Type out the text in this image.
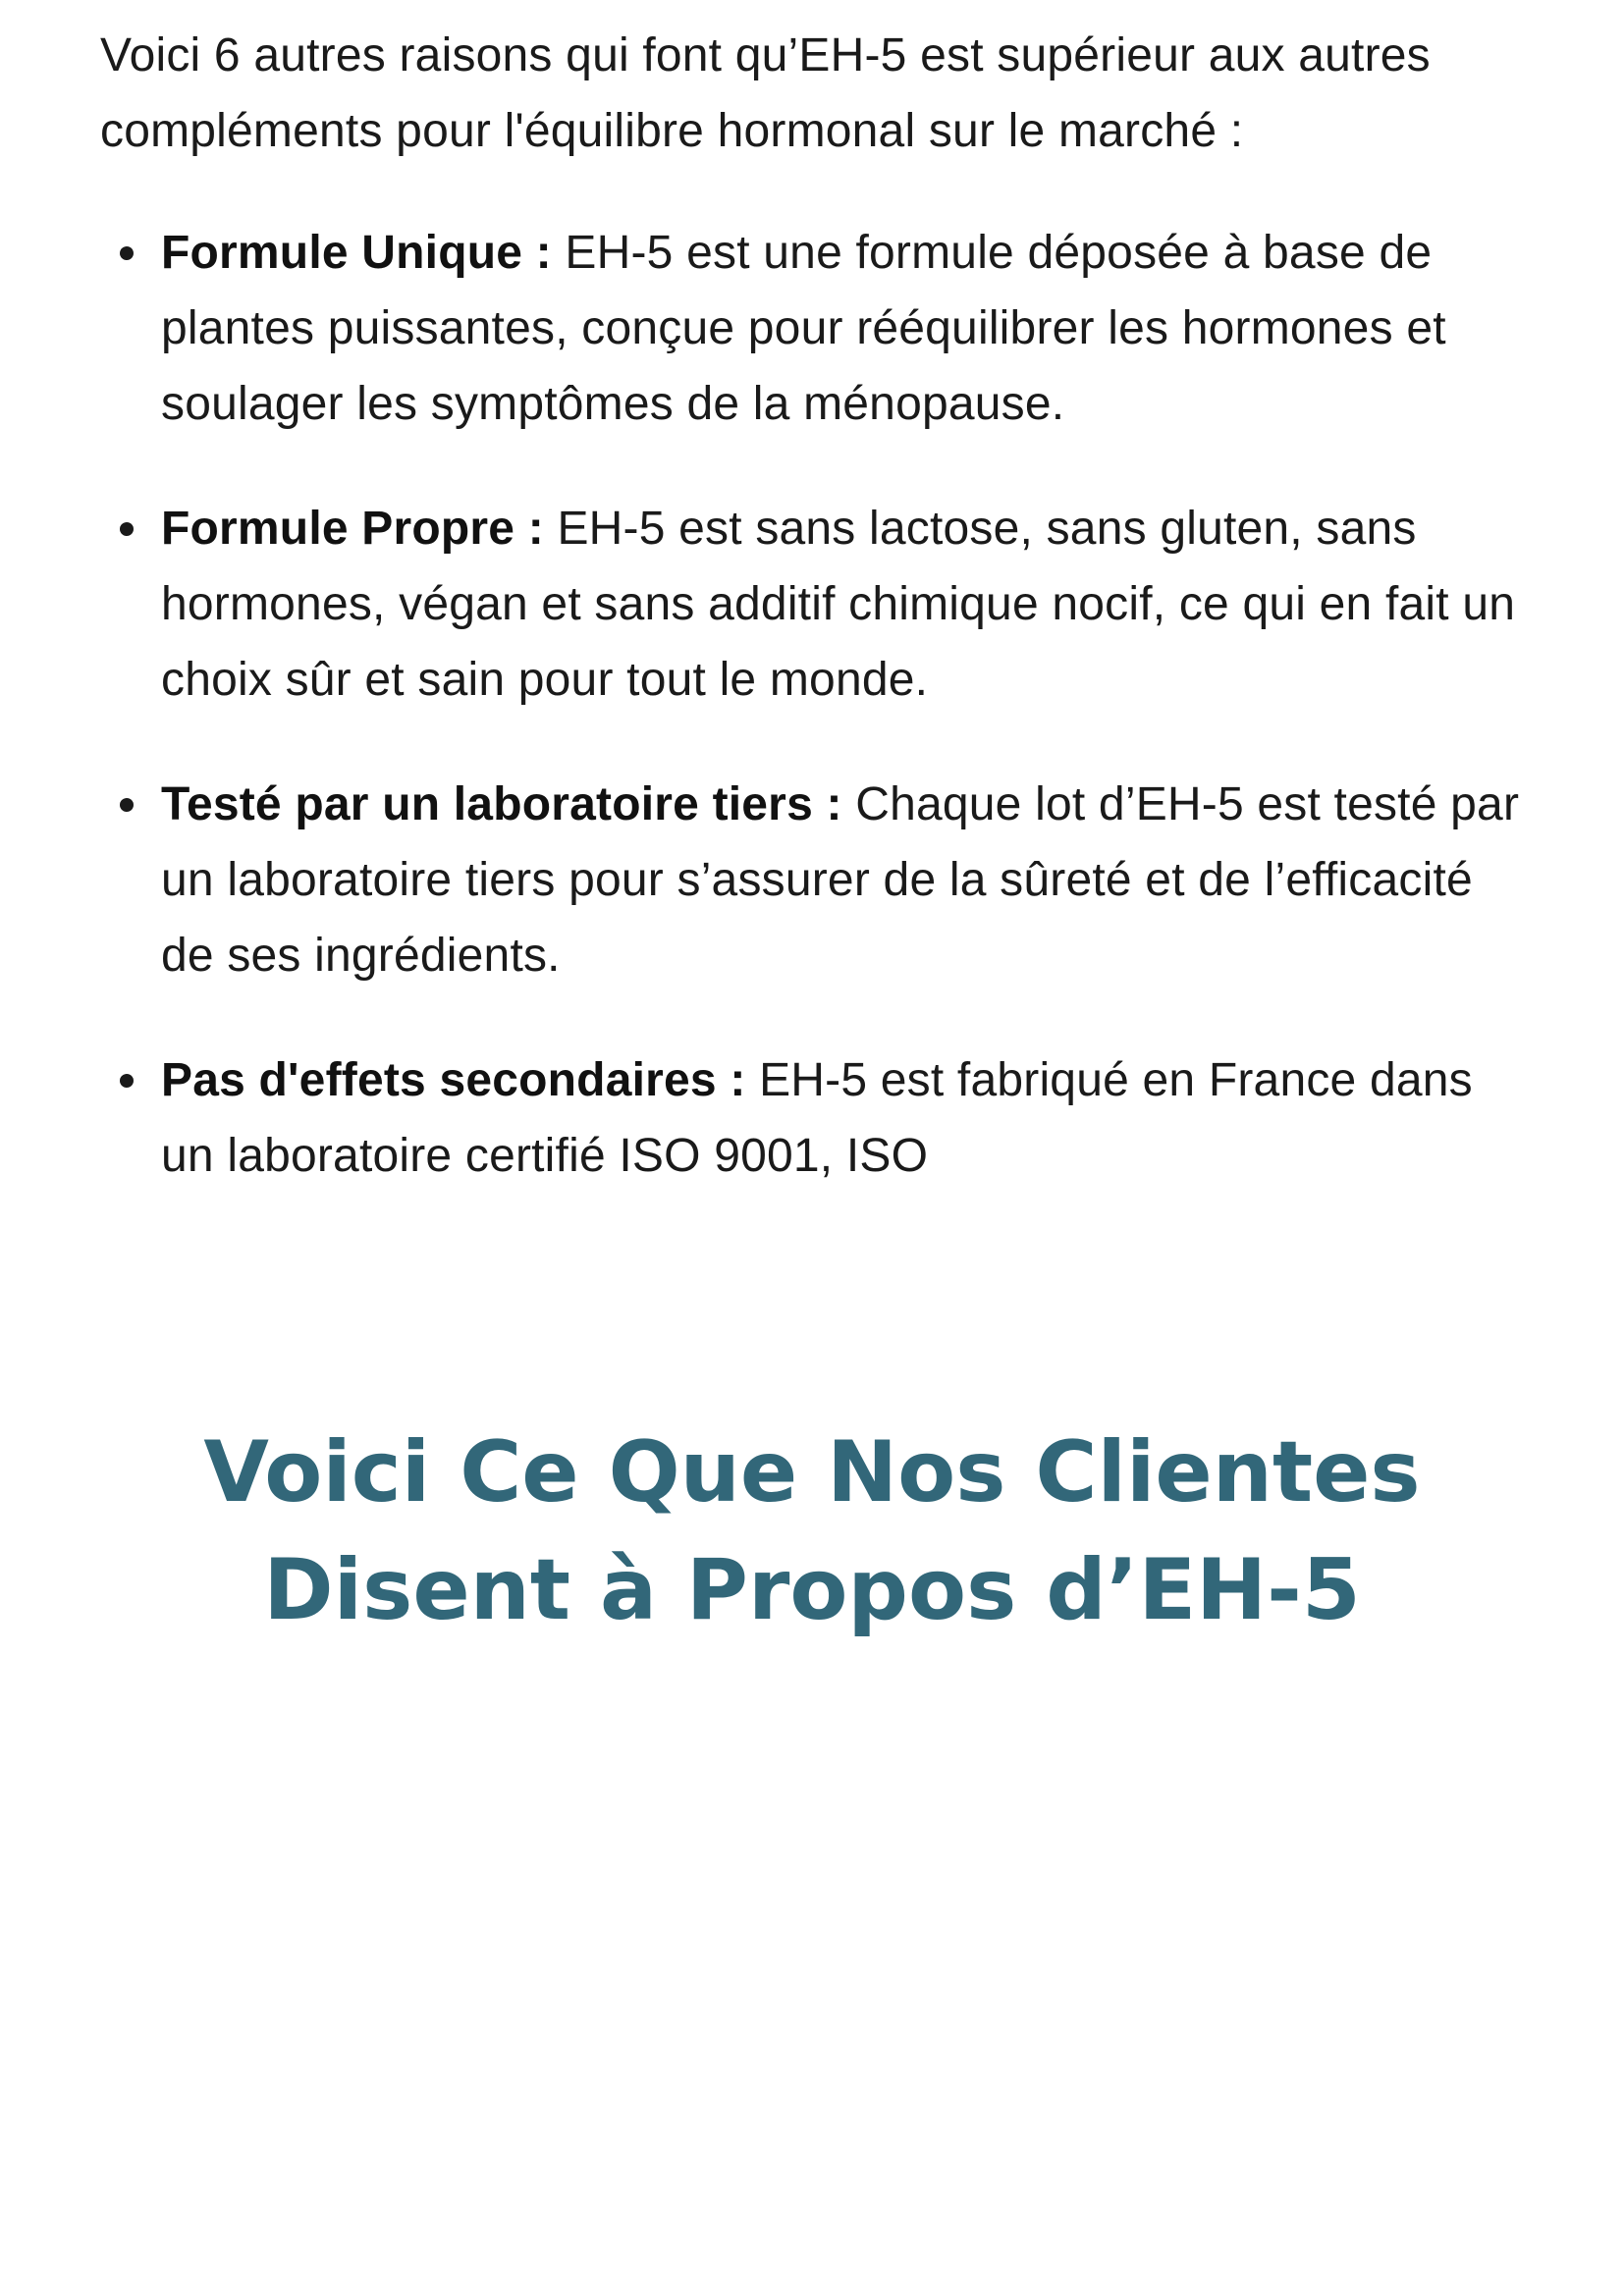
Voici 6 autres raisons qui font qu’EH-5 est supérieur aux autres compléments pour l'équilibre hormonal sur le marché :

Formule Unique : EH-5 est une formule déposée à base de plantes puissantes, conçue pour rééquilibrer les hormones et soulager les symptômes de la ménopause.
Formule Propre : EH-5 est sans lactose, sans gluten, sans hormones, végan et sans additif chimique nocif, ce qui en fait un choix sûr et sain pour tout le monde.
Testé par un laboratoire tiers : Chaque lot d’EH-5 est testé par un laboratoire tiers pour s’assurer de la sûreté et de l’efficacité de ses ingrédients.
Pas d'effets secondaires : EH-5 est fabriqué en France dans un laboratoire certifié ISO 9001, ISO
Voici Ce Que Nos Clientes
Disent à Propos d’EH-5
